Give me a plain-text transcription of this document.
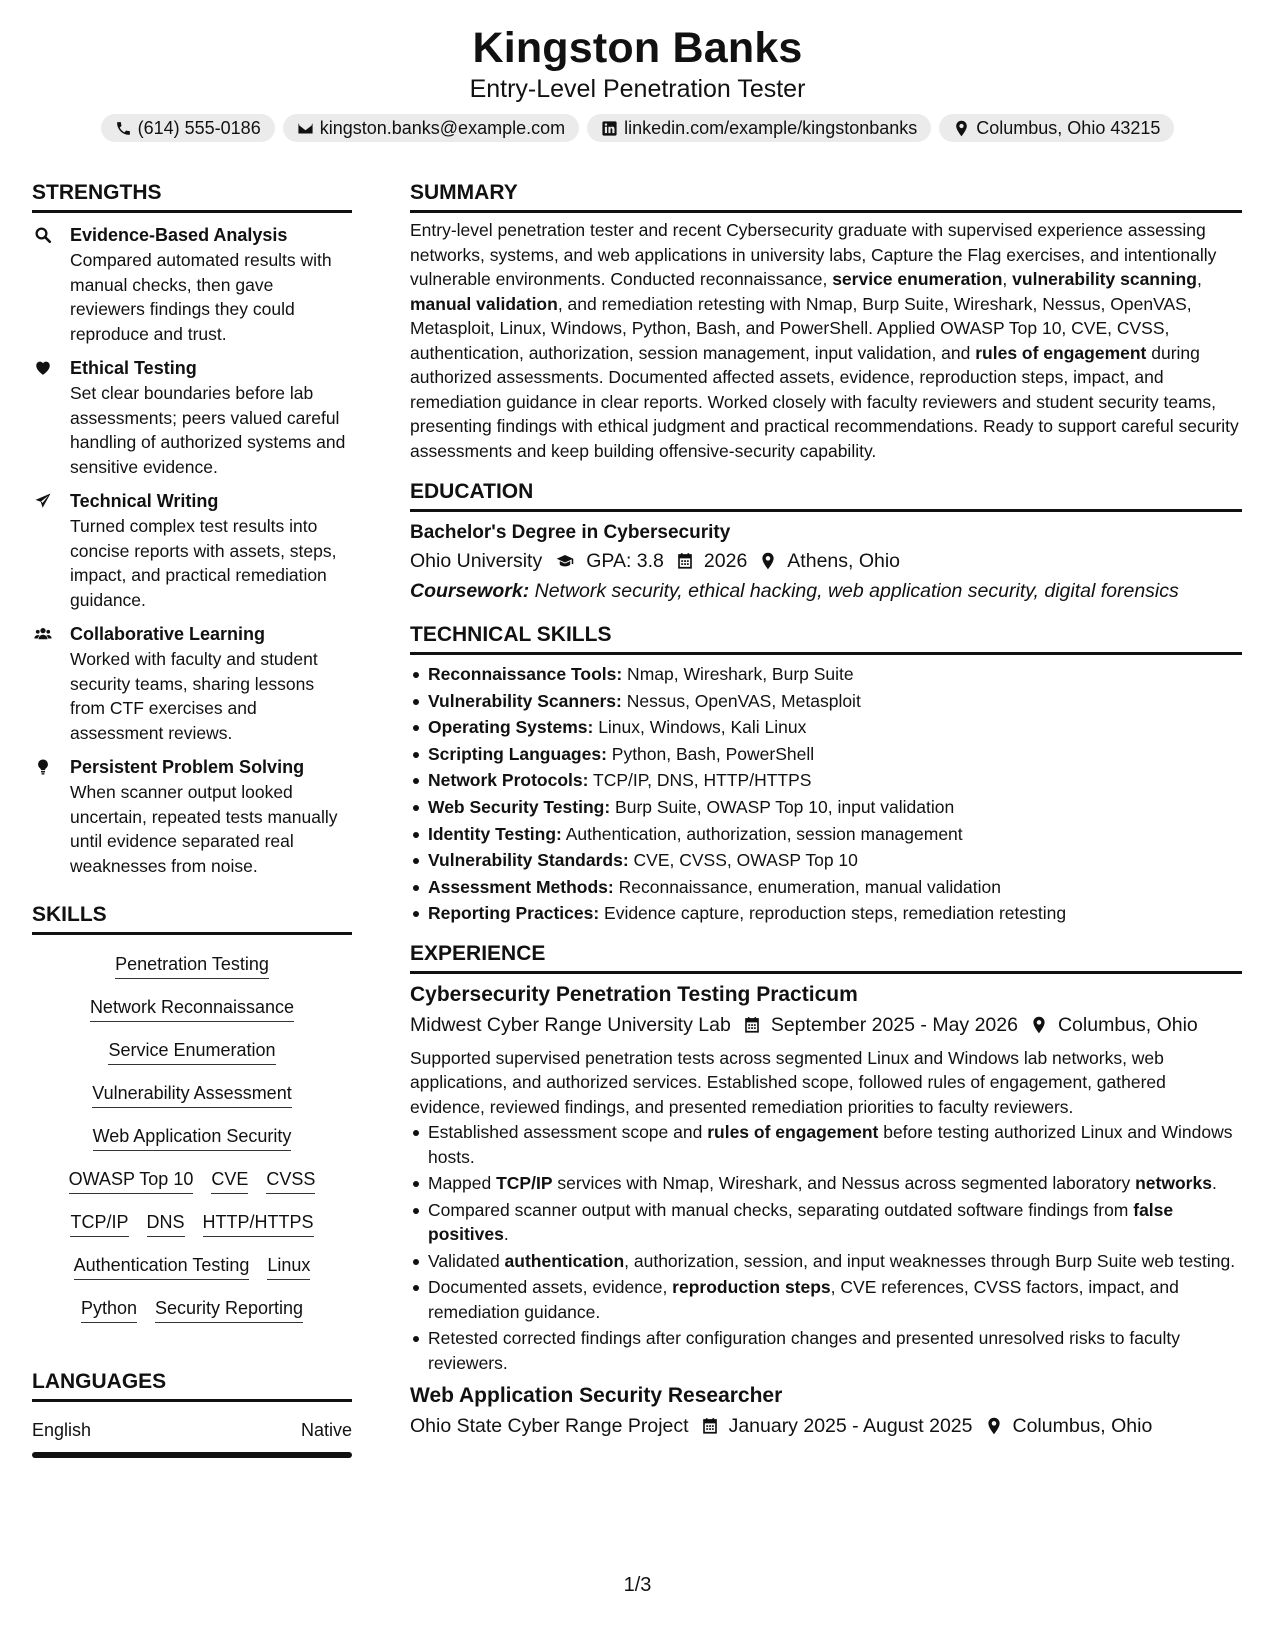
Kingston Banks
Entry-Level Penetration Tester
(614) 555-0186	kingston.banks@example.com	linkedin.com/example/kingstonbanks	Columbus, Ohio 43215
STRENGTHS
Evidence-Based Analysis
Compared automated results with manual checks, then gave reviewers findings they could reproduce and trust.
Ethical Testing
Set clear boundaries before lab assessments; peers valued careful handling of authorized systems and sensitive evidence.
Technical Writing
Turned complex test results into concise reports with assets, steps, impact, and practical remediation guidance.
Collaborative Learning
Worked with faculty and student security teams, sharing lessons from CTF exercises and assessment reviews.
Persistent Problem Solving
When scanner output looked uncertain, repeated tests manually until evidence separated real weaknesses from noise.
SKILLS
Penetration Testing
Network Reconnaissance
Service Enumeration
Vulnerability Assessment
Web Application Security
OWASP Top 10 CVE CVSS
TCP/IP DNS HTTP/HTTPS
Authentication Testing Linux
Python Security Reporting
LANGUAGES
English	Native
SUMMARY
Entry-level penetration tester and recent Cybersecurity graduate with supervised experience assessing networks, systems, and web applications in university labs, Capture the Flag exercises, and intentionally vulnerable environments. Conducted reconnaissance, service enumeration, vulnerability scanning, manual validation, and remediation retesting with Nmap, Burp Suite, Wireshark, Nessus, OpenVAS, Metasploit, Linux, Windows, Python, Bash, and PowerShell. Applied OWASP Top 10, CVE, CVSS, authentication, authorization, session management, input validation, and rules of engagement during authorized assessments. Documented affected assets, evidence, reproduction steps, impact, and remediation guidance in clear reports. Worked closely with faculty reviewers and student security teams, presenting findings with ethical judgment and practical recommendations. Ready to support careful security assessments and keep building offensive-security capability.
EDUCATION
Bachelor's Degree in Cybersecurity
Ohio University GPA: 3.8 2026 Athens, Ohio
Coursework: Network security, ethical hacking, web application security, digital forensics
TECHNICAL SKILLS
Reconnaissance Tools: Nmap, Wireshark, Burp Suite
Vulnerability Scanners: Nessus, OpenVAS, Metasploit
Operating Systems: Linux, Windows, Kali Linux
Scripting Languages: Python, Bash, PowerShell
Network Protocols: TCP/IP, DNS, HTTP/HTTPS
Web Security Testing: Burp Suite, OWASP Top 10, input validation
Identity Testing: Authentication, authorization, session management
Vulnerability Standards: CVE, CVSS, OWASP Top 10
Assessment Methods: Reconnaissance, enumeration, manual validation
Reporting Practices: Evidence capture, reproduction steps, remediation retesting
EXPERIENCE
Cybersecurity Penetration Testing Practicum
Midwest Cyber Range University Lab September 2025 - May 2026 Columbus, Ohio
Supported supervised penetration tests across segmented Linux and Windows lab networks, web applications, and authorized services. Established scope, followed rules of engagement, gathered evidence, reviewed findings, and presented remediation priorities to faculty reviewers.
Established assessment scope and rules of engagement before testing authorized Linux and Windows hosts.
Mapped TCP/IP services with Nmap, Wireshark, and Nessus across segmented laboratory networks.
Compared scanner output with manual checks, separating outdated software findings from false positives.
Validated authentication, authorization, session, and input weaknesses through Burp Suite web testing.
Documented assets, evidence, reproduction steps, CVE references, CVSS factors, impact, and remediation guidance.
Retested corrected findings after configuration changes and presented unresolved risks to faculty reviewers.
Web Application Security Researcher
Ohio State Cyber Range Project January 2025 - August 2025 Columbus, Ohio
1/3
